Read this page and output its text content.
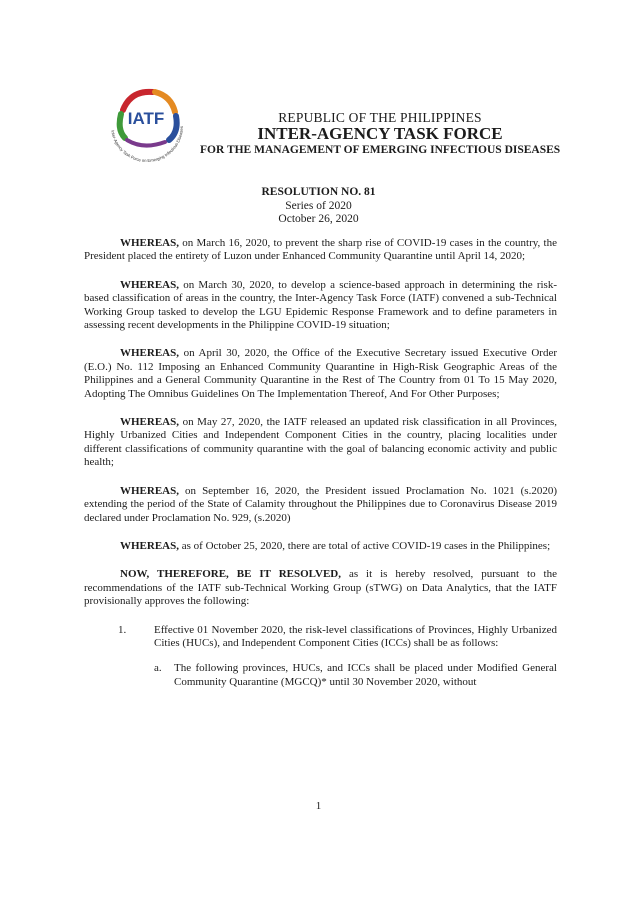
IATF
Inter-Agency Task Force on Emerging Infectious Diseases
REPUBLIC OF THE PHILIPPINES
INTER-AGENCY TASK FORCE
FOR THE MANAGEMENT OF EMERGING INFECTIOUS DISEASES
RESOLUTION NO. 81
Series of 2020
October 26, 2020

WHEREAS, on March 16, 2020, to prevent the sharp rise of COVID-19 cases in the country, the President placed the entirety of Luzon under Enhanced Community Quarantine until April 14, 2020;

WHEREAS, on March 30, 2020, to develop a science-based approach in determining the risk-based classification of areas in the country, the Inter-Agency Task Force (IATF) convened a sub-Technical Working Group tasked to develop the LGU Epidemic Response Framework and to define parameters in assessing recent developments in the Philippine COVID-19 situation;

WHEREAS, on April 30, 2020, the Office of the Executive Secretary issued Executive Order (E.O.) No. 112 Imposing an Enhanced Community Quarantine in High-Risk Geographic Areas of the Philippines and a General Community Quarantine in the Rest of The Country from 01 To 15 May 2020, Adopting The Omnibus Guidelines On The Implementation Thereof, And For Other Purposes;

WHEREAS, on May 27, 2020, the IATF released an updated risk classification in all Provinces, Highly Urbanized Cities and Independent Component Cities in the country, placing localities under different classifications of community quarantine with the goal of balancing economic activity and public health;

WHEREAS, on September 16, 2020, the President issued Proclamation No. 1021 (s.2020) extending the period of the State of Calamity throughout the Philippines due to Coronavirus Disease 2019 declared under Proclamation No. 929, (s.2020)

WHEREAS, as of October 25, 2020, there are total of active COVID-19 cases in the Philippines;

NOW, THEREFORE, BE IT RESOLVED, as it is hereby resolved, pursuant to the recommendations of the IATF sub-Technical Working Group (sTWG) on Data Analytics, that the IATF provisionally approves the following:

1.	Effective 01 November 2020, the risk-level classifications of Provinces, Highly Urbanized Cities (HUCs), and Independent Component Cities (ICCs) shall be as follows:
a. The following provinces, HUCs, and ICCs shall be placed under Modified General Community Quarantine (MGCQ)* until 30 November 2020, without
1
